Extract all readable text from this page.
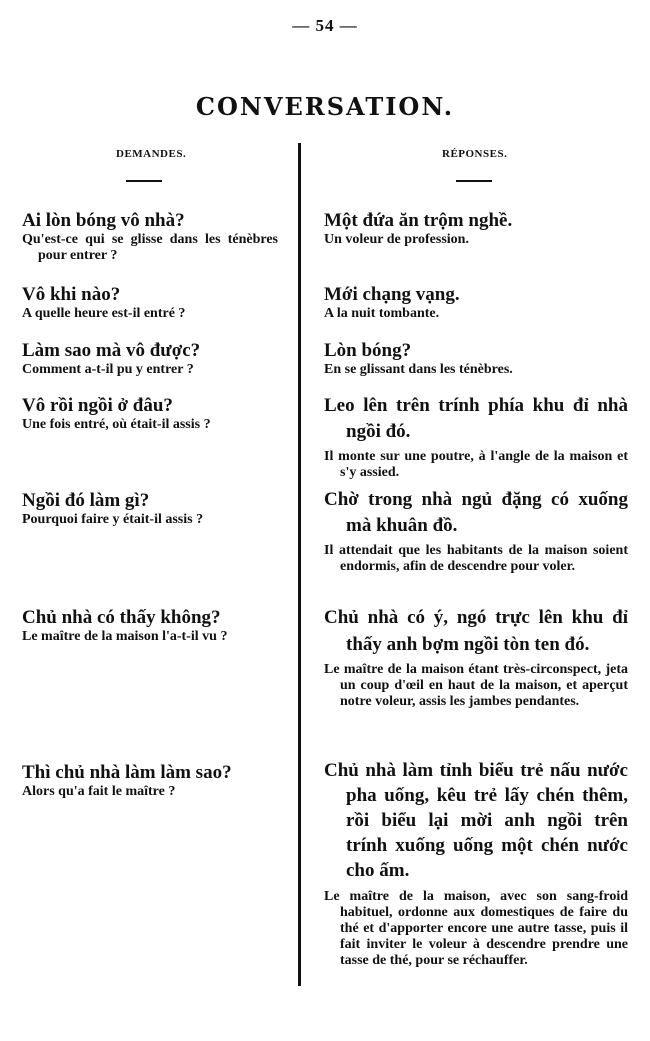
— 54 —
CONVERSATION.
DEMANDES.	RÉPONSES.
Ai lòn bóng vô nhà?
Qu'est-ce qui se glisse dans les ténèbres pour entrer ?
Vô khi nào?
A quelle heure est-il entré ?
Làm sao mà vô được?
Comment a-t-il pu y entrer ?
Vô rồi ngồi ở đâu?
Une fois entré, où était-il assis ?
Ngồi đó làm gì?
Pourquoi faire y était-il assis ?
Chủ nhà có thấy không?
Le maître de la maison l'a-t-il vu ?
Thì chủ nhà làm làm sao?
Alors qu'a fait le maître ?
Một đứa ăn trộm nghề.
Un voleur de profession.
Mới chạng vạng.
A la nuit tombante.
Lòn bóng?
En se glissant dans les ténèbres.
Leo lên trên trính phía khu đỉ nhà ngồi đó.
Il monte sur une poutre, à l'angle de la maison et s'y assied.
Chờ trong nhà ngủ đặng có xuống mà khuân đồ.
Il attendait que les habitants de la maison soient endormis, afin de descendre pour voler.
Chủ nhà có ý, ngó trực lên khu đỉ thấy anh bợm ngồi tòn ten đó.
Le maître de la maison étant très-circonspect, jeta un coup d'œil en haut de la maison, et aperçut notre voleur, assis les jambes pendantes.
Chủ nhà làm tỉnh biểu trẻ nấu nước pha uống, kêu trẻ lấy chén thêm, rồi biểu lại mời anh ngồi trên trính xuống uống một chén nước cho ấm.
Le maître de la maison, avec son sang-froid habituel, ordonne aux domestiques de faire du thé et d'apporter encore une autre tasse, puis il fait inviter le voleur à descendre prendre une tasse de thé, pour se réchauffer.
